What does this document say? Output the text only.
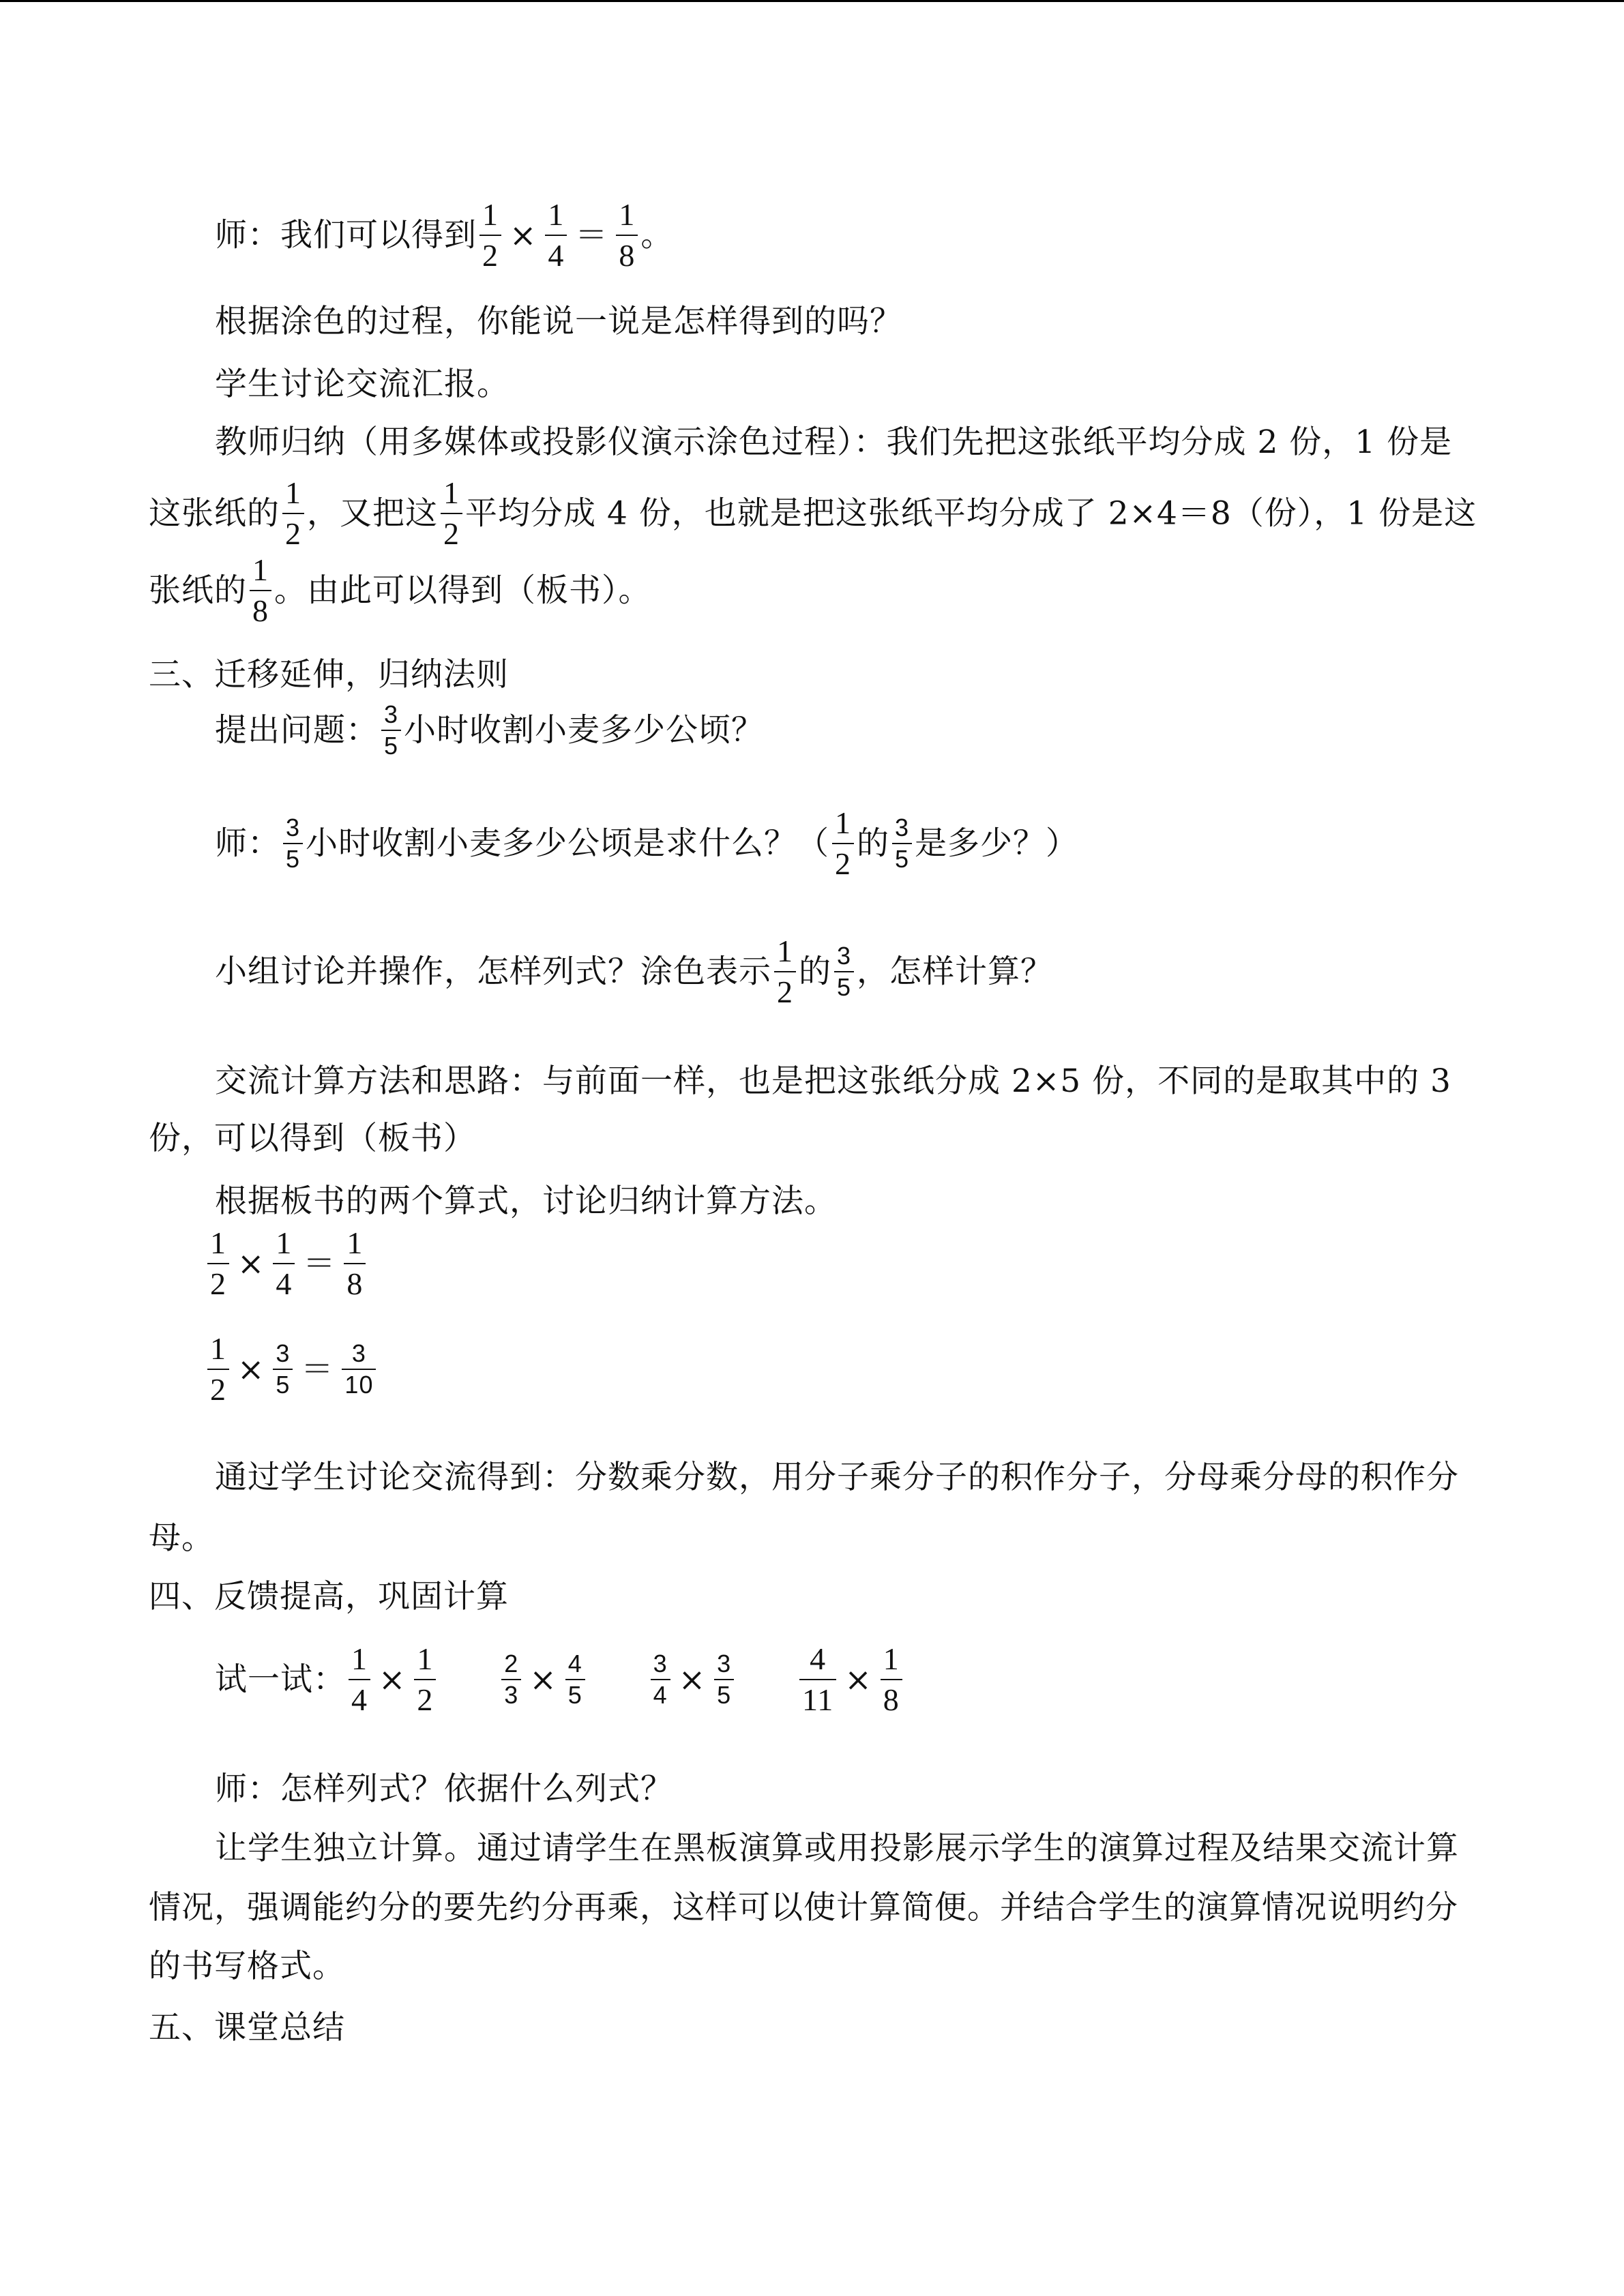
师：我们可以得到 $\frac{1}{2} \times \frac{1}{4} = \frac{1}{8}$ 。
根据涂色的过程，你能说一说是怎样得到的吗？
学生讨论交流汇报。
教师归纳（用多媒体或投影仪演示涂色过程）：我们先把这张纸平均分成 2 份，1 份是
这张纸的 $\frac{1}{2}$ ，又把这 $\frac{1}{2}$ 平均分成 4 份，也就是把这张纸平均分成了 2×4＝8（份），1 份是这
张纸的 $\frac{1}{8}$ 。由此可以得到（板书）。
三、迁移延伸，归纳法则
提出问题： $\frac{3}{5}$ 小时收割小麦多少公顷？
师： $\frac{3}{5}$ 小时收割小麦多少公顷是求什么？（ $\frac{1}{2}$ 的 $\frac{3}{5}$ 是多少？）
小组讨论并操作，怎样列式？涂色表示 $\frac{1}{2}$ 的 $\frac{3}{5}$ ，怎样计算？
交流计算方法和思路：与前面一样，也是把这张纸分成 2×5 份，不同的是取其中的 3
份，可以得到（板书）
根据板书的两个算式，讨论归纳计算方法。
$\frac{1}{2} \times \frac{1}{4} = \frac{1}{8}$
$\frac{1}{2} \times \frac{3}{5} = \frac{3}{10}$
通过学生讨论交流得到：分数乘分数，用分子乘分子的积作分子，分母乘分母的积作分
母。
四、反馈提高，巩固计算
试一试： $\frac{1}{4} \times \frac{1}{2}$
	$\frac{2}{3} \times \frac{4}{5}$
	$\frac{3}{4} \times \frac{3}{5}$
$\frac{4}{11} \times \frac{1}{8}$
师：怎样列式？依据什么列式？
让学生独立计算。通过请学生在黑板演算或用投影展示学生的演算过程及结果交流计算
情况，强调能约分的要先约分再乘，这样可以使计算简便。并结合学生的演算情况说明约分
的书写格式。
五、课堂总结
